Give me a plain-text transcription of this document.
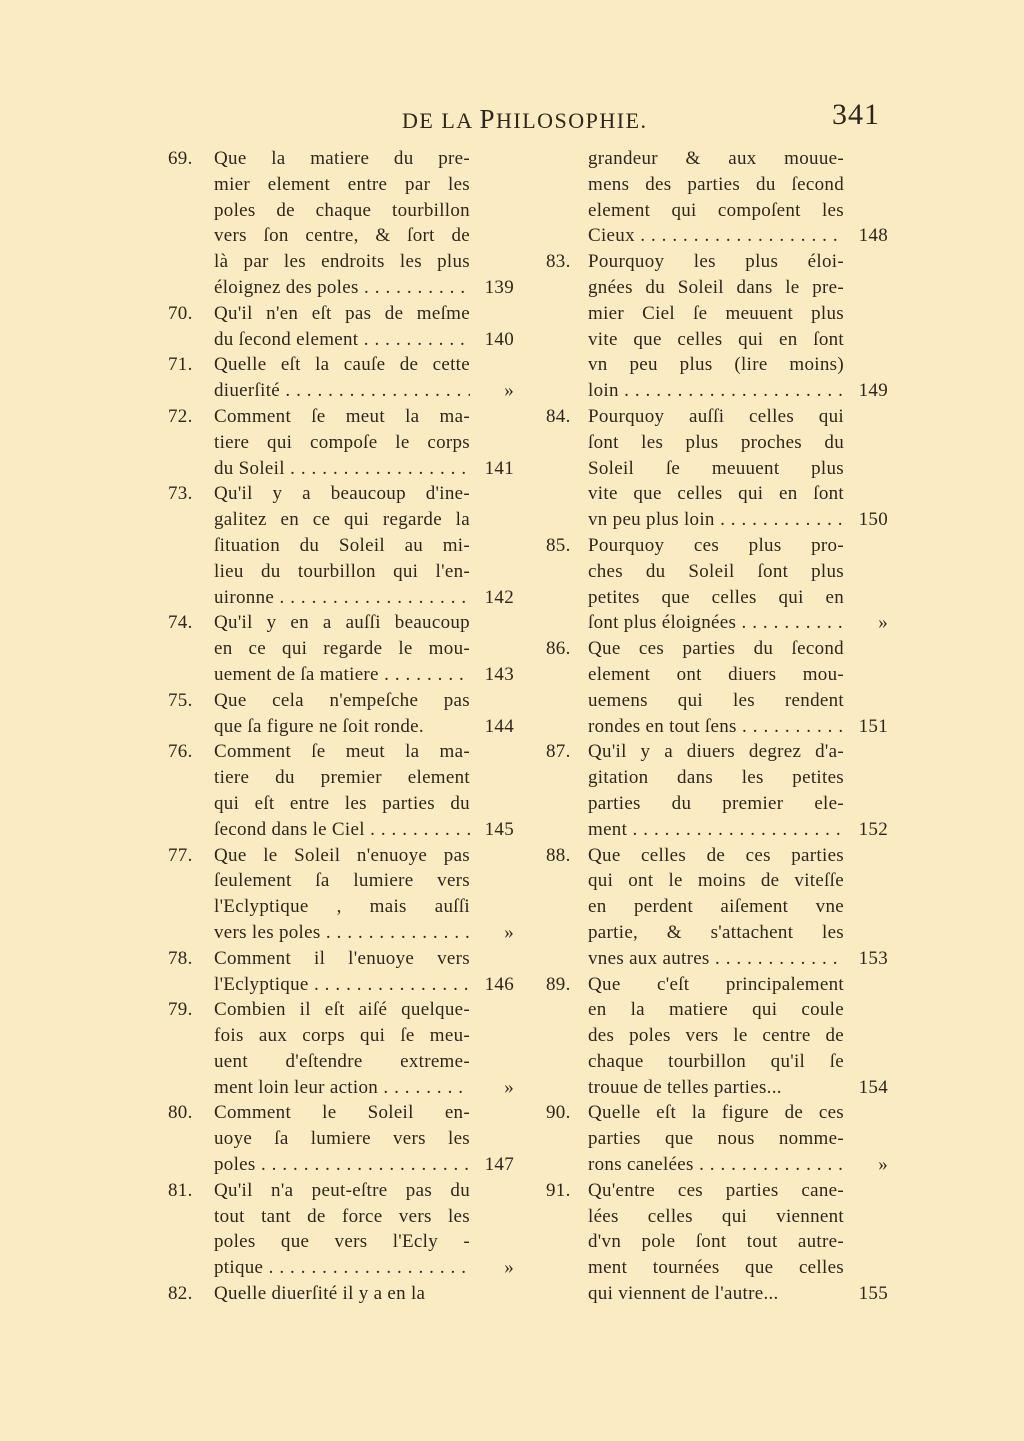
DE LA PHILOSOPHIE.	341
69. Que la matiere du pre-
mier element entre par les
poles de chaque tourbillon
vers ſon centre, & ſort de
là par les endroits les plus
éloignez des poles . . .	139
70. Qu'il n'en eſt pas de meſme
du ſecond element . . .	140
71. Quelle eſt la cauſe de cette
diuerſité . . .	»
72. Comment ſe meut la ma-
tiere qui compoſe le corps
du Soleil . . .	141
73. Qu'il y a beaucoup d'ine-
galitez en ce qui regarde la
ſituation du Soleil au mi-
lieu du tourbillon qui l'en-
uironne . . .	142
74. Qu'il y en a auſſi beaucoup
en ce qui regarde le mou-
uement de ſa matiere . . .	143
75. Que cela n'empeſche pas
que ſa figure ne ſoit ronde.	144
76. Comment ſe meut la ma-
tiere du premier element
qui eſt entre les parties du
ſecond dans le Ciel . . .	145
77. Que le Soleil n'enuoye pas
ſeulement ſa lumiere vers
l'Eclyptique , mais auſſi
vers les poles . . .	»
78. Comment il l'enuoye vers
l'Eclyptique . . .	146
79. Combien il eſt aiſé quelque-
fois aux corps qui ſe meu-
uent d'eſtendre extreme-
ment loin leur action . . .	»
80. Comment le Soleil en-
uoye ſa lumiere vers les
poles . . .	147
81. Qu'il n'a peut-eſtre pas du
tout tant de force vers les
poles que vers l'Ecly -
ptique . . .	»
82. Quelle diuerſité il y a en la
grandeur & aux mouue-
mens des parties du ſecond
element qui compoſent les
Cieux . . .	148
83. Pourquoy les plus éloi-
gnées du Soleil dans le pre-
mier Ciel ſe meuuent plus
vite que celles qui en ſont
vn peu plus (lire moins)
loin . . .	149
84. Pourquoy auſſi celles qui
ſont les plus proches du
Soleil ſe meuuent plus
vite que celles qui en ſont
vn peu plus loin . . .	150
85. Pourquoy ces plus pro-
ches du Soleil ſont plus
petites que celles qui en
ſont plus éloignées . . .	»
86. Que ces parties du ſecond
element ont diuers mou-
uemens qui les rendent
rondes en tout ſens . . .	151
87. Qu'il y a diuers degrez d'a-
gitation dans les petites
parties du premier ele-
ment . . .	152
88. Que celles de ces parties
qui ont le moins de viteſſe
en perdent aiſement vne
partie, & s'attachent les
vnes aux autres . . .	153
89. Que c'eſt principalement
en la matiere qui coule
des poles vers le centre de
chaque tourbillon qu'il ſe
trouue de telles parties...	154
90. Quelle eſt la figure de ces
parties que nous nomme-
rons canelées . . .	»
91. Qu'entre ces parties cane-
lées celles qui viennent
d'vn pole ſont tout autre-
ment tournées que celles
qui viennent de l'autre...	155
